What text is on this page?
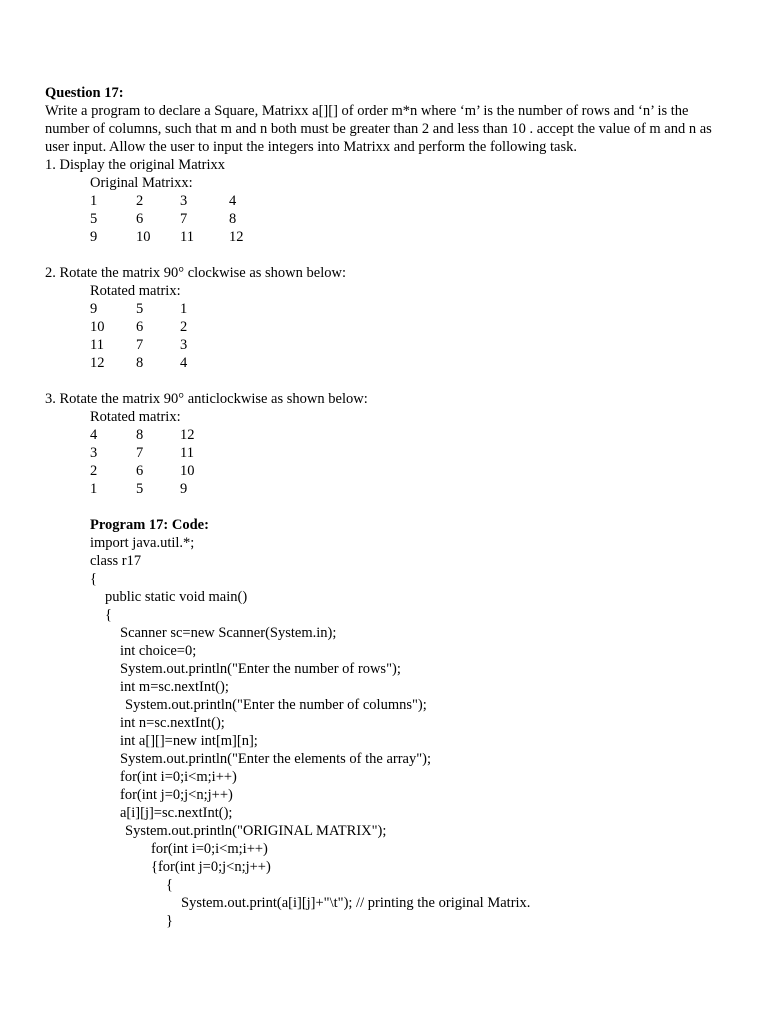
Question 17:
Write a program to declare a Square, Matrixx a[][] of order m*n where ‘m’ is the number of rows and ‘n’ is the number of columns, such that m and n both must be greater than 2 and less than 10 . accept the value of m and n as user input. Allow the user to input the integers into Matrixx and perform the following task.
1. Display the original Matrixx
Original Matrixx:
1	2	3	4
5	6	7	8
9	10 11 12
2. Rotate the matrix 90° clockwise as shown below:
Rotated matrix:
9	5	1
10 6	2
11 7	3
12 8	4
3. Rotate the matrix 90° anticlockwise as shown below:
Rotated matrix:
4	8	12
3	7	11
2	6	10
1	5	9
Program 17: Code:
import java.util.*;
class r17
{
public static void main()
{
Scanner sc=new Scanner(System.in);
int choice=0;
System.out.println("Enter the number of rows");
int m=sc.nextInt();
System.out.println("Enter the number of columns");
int n=sc.nextInt();
int a[][]=new int[m][n];
System.out.println("Enter the elements of the array");
for(int i=0;i<m;i++)
for(int j=0;j<n;j++)
a[i][j]=sc.nextInt();
System.out.println("ORIGINAL MATRIX");
for(int i=0;i<m;i++)
{for(int j=0;j<n;j++)
{
System.out.print(a[i][j]+"\t"); // printing the original Matrix.
}
